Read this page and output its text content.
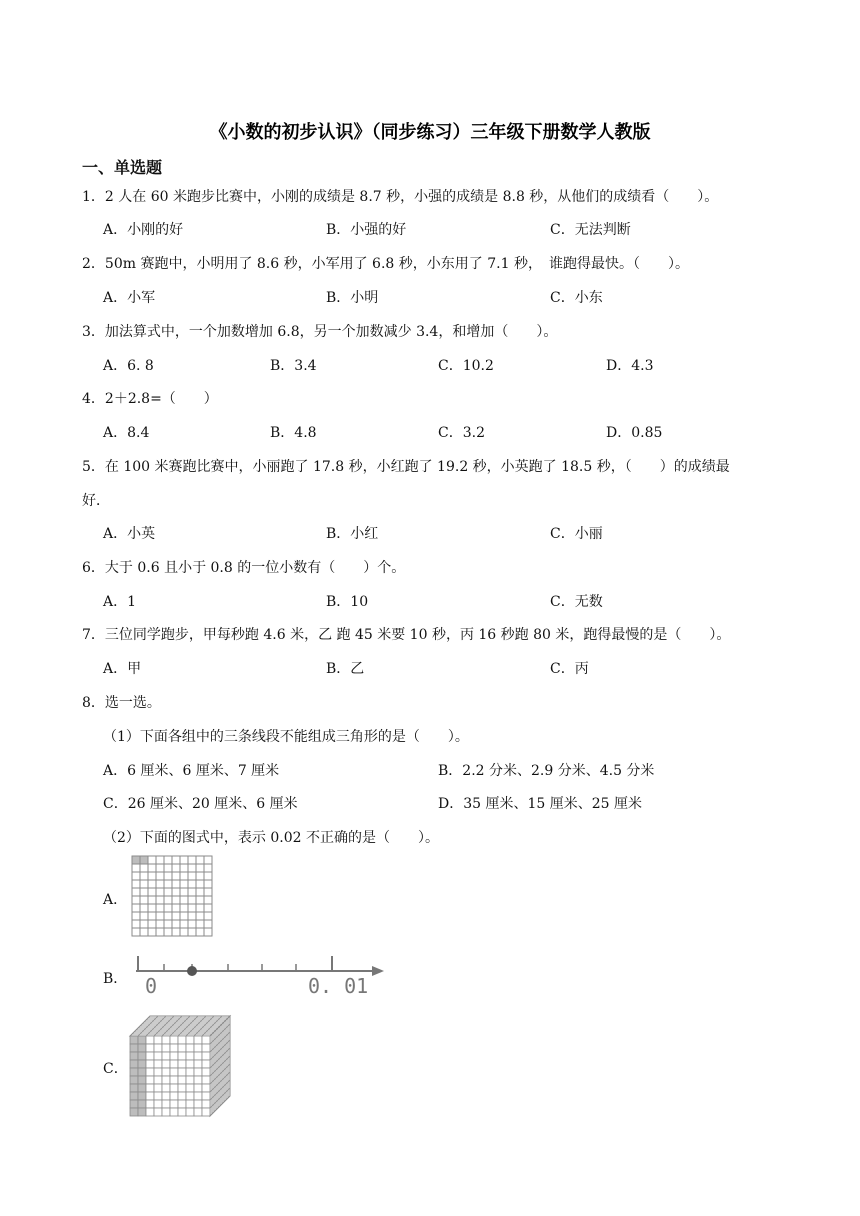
《小数的初步认识》（同步练习）三年级下册数学人教版
一、单选题
1．2 人在 60 米跑步比赛中，小刚的成绩是 8.7 秒，小强的成绩是 8.8 秒，从他们的成绩看（　　）。
A．小刚的好	B．小强的好	C．无法判断
2．50m 赛跑中，小明用了 8.6 秒，小军用了 6.8 秒，小东用了 7.1 秒，　谁跑得最快。（　　）。
A．小军	B．小明	C．小东
3．加法算式中，一个加数增加 6.8，另一个加数减少 3.4，和增加（　　）。
A．6. 8	B．3.4	C．10.2	D．4.3
4．2＋2.8=（　　）
A．8.4	B．4.8	C．3.2	D．0.85
5．在 100 米赛跑比赛中，小丽跑了 17.8 秒，小红跑了 19.2 秒，小英跑了 18.5 秒，（　　）的成绩最
好．
A．小英	B．小红	C．小丽
6．大于 0.6 且小于 0.8 的一位小数有（　　）个。
A．1	B．10	C．无数
7．三位同学跑步，甲每秒跑 4.6 米，乙 跑 45 米要 10 秒，丙 16 秒跑 80 米，跑得最慢的是（　　）。
A．甲	B．乙	C．丙
8．选一选。
（1）下面各组中的三条线段不能组成三角形的是（　　）。
A．6 厘米、6 厘米、7 厘米	B．2.2 分米、2.9 分米、4.5 分米
C．26 厘米、20 厘米、6 厘米	D．35 厘米、15 厘米、25 厘米
（2）下面的图式中，表示 0.02 不正确的是（　　）。
A．
B．
C．
0	0. 01
